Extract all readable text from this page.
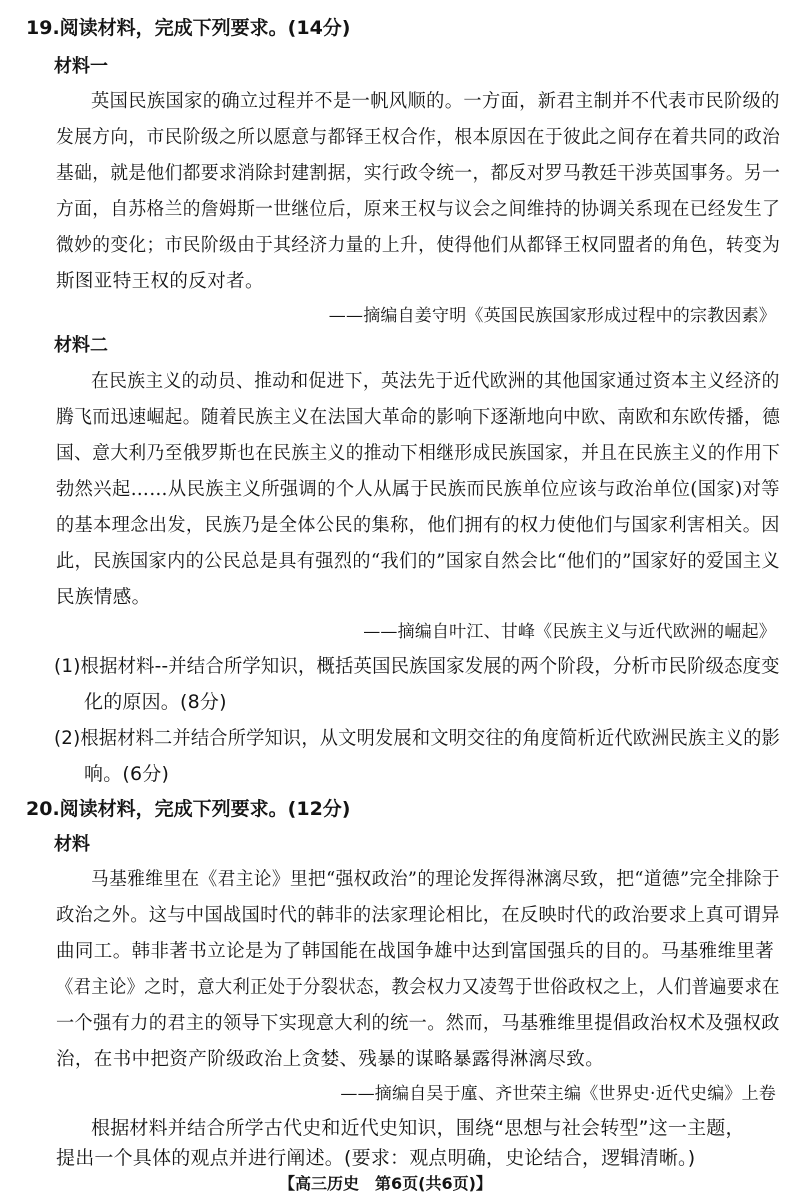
19.阅读材料，完成下列要求。(14分)
材料一
英国民族国家的确立过程并不是一帆风顺的。一方面，新君主制并不代表市民阶级的
发展方向，市民阶级之所以愿意与都铎王权合作，根本原因在于彼此之间存在着共同的政治
基础，就是他们都要求消除封建割据，实行政令统一，都反对罗马教廷干涉英国事务。另一
方面，自苏格兰的詹姆斯一世继位后，原来王权与议会之间维持的协调关系现在已经发生了
微妙的变化；市民阶级由于其经济力量的上升，使得他们从都铎王权同盟者的角色，转变为
斯图亚特王权的反对者。
——摘编自姜守明《英国民族国家形成过程中的宗教因素》
材料二
在民族主义的动员、推动和促进下，英法先于近代欧洲的其他国家通过资本主义经济的
腾飞而迅速崛起。随着民族主义在法国大革命的影响下逐渐地向中欧、南欧和东欧传播，德
国、意大利乃至俄罗斯也在民族主义的推动下相继形成民族国家，并且在民族主义的作用下
勃然兴起……从民族主义所强调的个人从属于民族而民族单位应该与政治单位(国家)对等
的基本理念出发，民族乃是全体公民的集称，他们拥有的权力使他们与国家利害相关。因
此，民族国家内的公民总是具有强烈的“我们的”国家自然会比“他们的”国家好的爱国主义
民族情感。
——摘编自叶江、甘峰《民族主义与近代欧洲的崛起》
(1)根据材料--并结合所学知识，概括英国民族国家发展的两个阶段，分析市民阶级态度变
化的原因。(8分)
(2)根据材料二并结合所学知识，从文明发展和文明交往的角度简析近代欧洲民族主义的影
响。(6分)
20.阅读材料，完成下列要求。(12分)
材料
马基雅维里在《君主论》里把“强权政治”的理论发挥得淋漓尽致，把“道德”完全排除于
政治之外。这与中国战国时代的韩非的法家理论相比，在反映时代的政治要求上真可谓异
曲同工。韩非著书立论是为了韩国能在战国争雄中达到富国强兵的目的。马基雅维里著
《君主论》之时，意大利正处于分裂状态，教会权力又凌驾于世俗政权之上，人们普遍要求在
一个强有力的君主的领导下实现意大利的统一。然而，马基雅维里提倡政治权术及强权政
治，在书中把资产阶级政治上贪婪、残暴的谋略暴露得淋漓尽致。
——摘编自吴于廑、齐世荣主编《世界史·近代史编》上卷
根据材料并结合所学古代史和近代史知识，围绕“思想与社会转型”这一主题，
提出一个具体的观点并进行阐述。(要求：观点明确，史论结合，逻辑清晰。)
【高三历史　第6页(共6页)】
